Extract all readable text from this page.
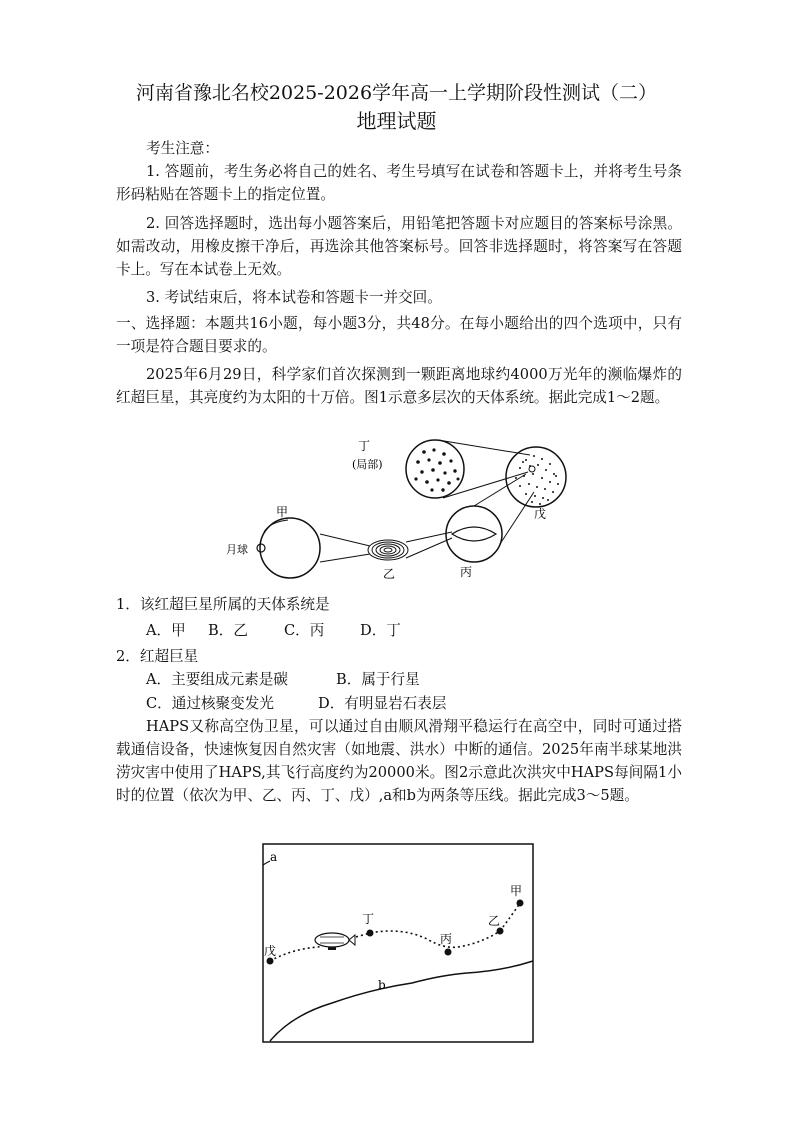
河南省豫北名校2025-2026学年高一上学期阶段性测试（二）
地理试题
考生注意：
1. 答题前，考生务必将自己的姓名、考生号填写在试卷和答题卡上，并将考生号条形码粘贴在答题卡上的指定位置。
2. 回答选择题时，选出每小题答案后，用铅笔把答题卡对应题目的答案标号涂黑。如需改动，用橡皮擦干净后，再选涂其他答案标号。回答非选择题时，将答案写在答题卡上。写在本试卷上无效。
3. 考试结束后，将本试卷和答题卡一并交回。
一、选择题：本题共16小题，每小题3分，共48分。在每小题给出的四个选项中，只有一项是符合题目要求的。
2025年6月29日，科学家们首次探测到一颗距离地球约4000万光年的濒临爆炸的红超巨星，其亮度约为太阳的十万倍。图1示意多层次的天体系统。据此完成1～2题。
丁
(局部)
甲
月球
乙	丙
戊
1．该红超巨星所属的天体系统是
A．甲 B．乙 C．丙 D．丁
2．红超巨星
A．主要组成元素是碳	B．属于行星
C．通过核聚变发光	D．有明显岩石表层
HAPS又称高空伪卫星，可以通过自由顺风滑翔平稳运行在高空中，同时可通过搭载通信设备，快速恢复因自然灾害（如地震、洪水）中断的通信。2025年南半球某地洪涝灾害中使用了HAPS,其飞行高度约为20000米。图2示意此次洪灾中HAPS每间隔1小时的位置（依次为甲、乙、丙、丁、戊）,a和b为两条等压线。据此完成3～5题。
a
b
甲
乙
丙
丁
戊
